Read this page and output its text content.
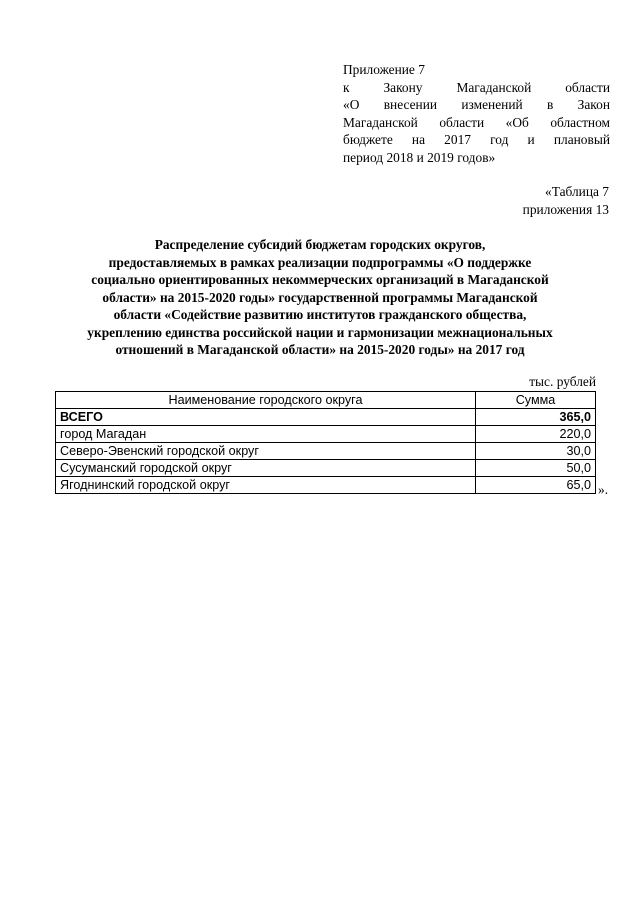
Приложение 7
к Закону Магаданской области
«О внесении изменений в Закон
Магаданской области «Об областном
бюджете на 2017 год и плановый
период 2018 и 2019 годов»
«Таблица 7
приложения 13
Распределение субсидий бюджетам городских округов,
предоставляемых в рамках реализации подпрограммы «О поддержке
социально ориентированных некоммерческих организаций в Магаданской
области» на 2015-2020 годы» государственной программы Магаданской
области «Содействие развитию институтов гражданского общества,
укреплению единства российской нации и гармонизации межнациональных
отношений в Магаданской области» на 2015-2020 годы» на 2017 год
тыс. рублей
Наименование городского округа	Сумма
ВСЕГО	365,0
город Магадан	220,0
Северо-Эвенский городской округ	30,0
Сусуманский городской округ	50,0
Ягоднинский городской округ	65,0 ».
